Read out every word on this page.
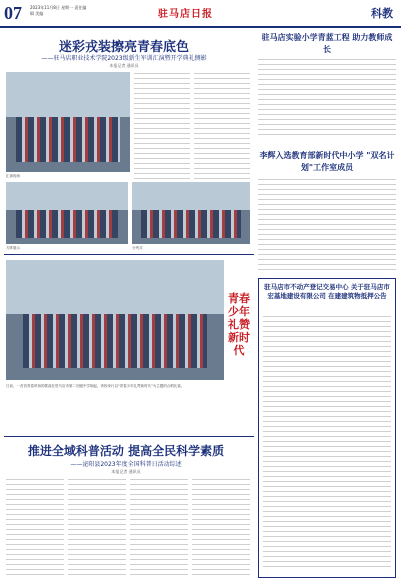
07 2023年11月8日 星期一 责任编辑 美编	驻马店日报	科教
迷彩戎装擦亮青春底色
——驻马店职业技术学院2023级新生军训汇演暨开学典礼侧影
本报记者 通讯员
汇演现场
方阵展示	分列式
青春少年礼赞新时代
日前，一首首青春昂扬的歌曲在驻马店市第二初级中学响起，该校举行以"青春少年礼赞新时代"为主题的合唱比赛。
推进全域科普活动 提高全民科学素质
——泌阳县2023年度全国科普日活动综述
本报记者 通讯员
驻马店实验小学青蓝工程 助力教师成长
李辉入选教育部新时代中小学 "双名计划"工作室成员
驻马店市不动产登记交易中心 关于驻马店市宏基地建设有限公司 在建建筑物抵押公告
